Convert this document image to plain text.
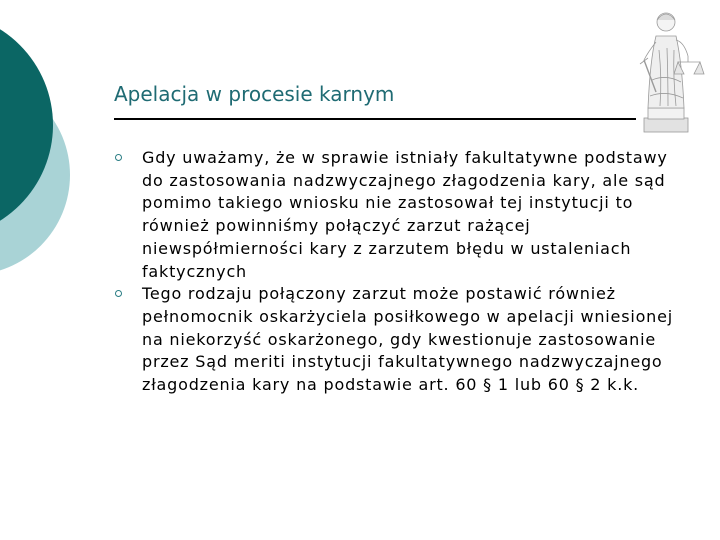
Apelacja w procesie karnym
Gdy uważamy, że w sprawie istniały fakultatywne podstawy do zastosowania nadzwyczajnego złagodzenia kary, ale sąd pomimo takiego wniosku nie zastosował tej instytucji to również powinniśmy połączyć zarzut rażącej niewspółmierności kary z zarzutem błędu w ustaleniach faktycznych
Tego rodzaju połączony zarzut może postawić również pełnomocnik oskarżyciela posiłkowego w apelacji wniesionej na niekorzyść oskarżonego, gdy kwestionuje zastosowanie przez Sąd meriti instytucji fakultatywnego nadzwyczajnego złagodzenia kary na podstawie art. 60 § 1 lub 60 § 2 k.k.
